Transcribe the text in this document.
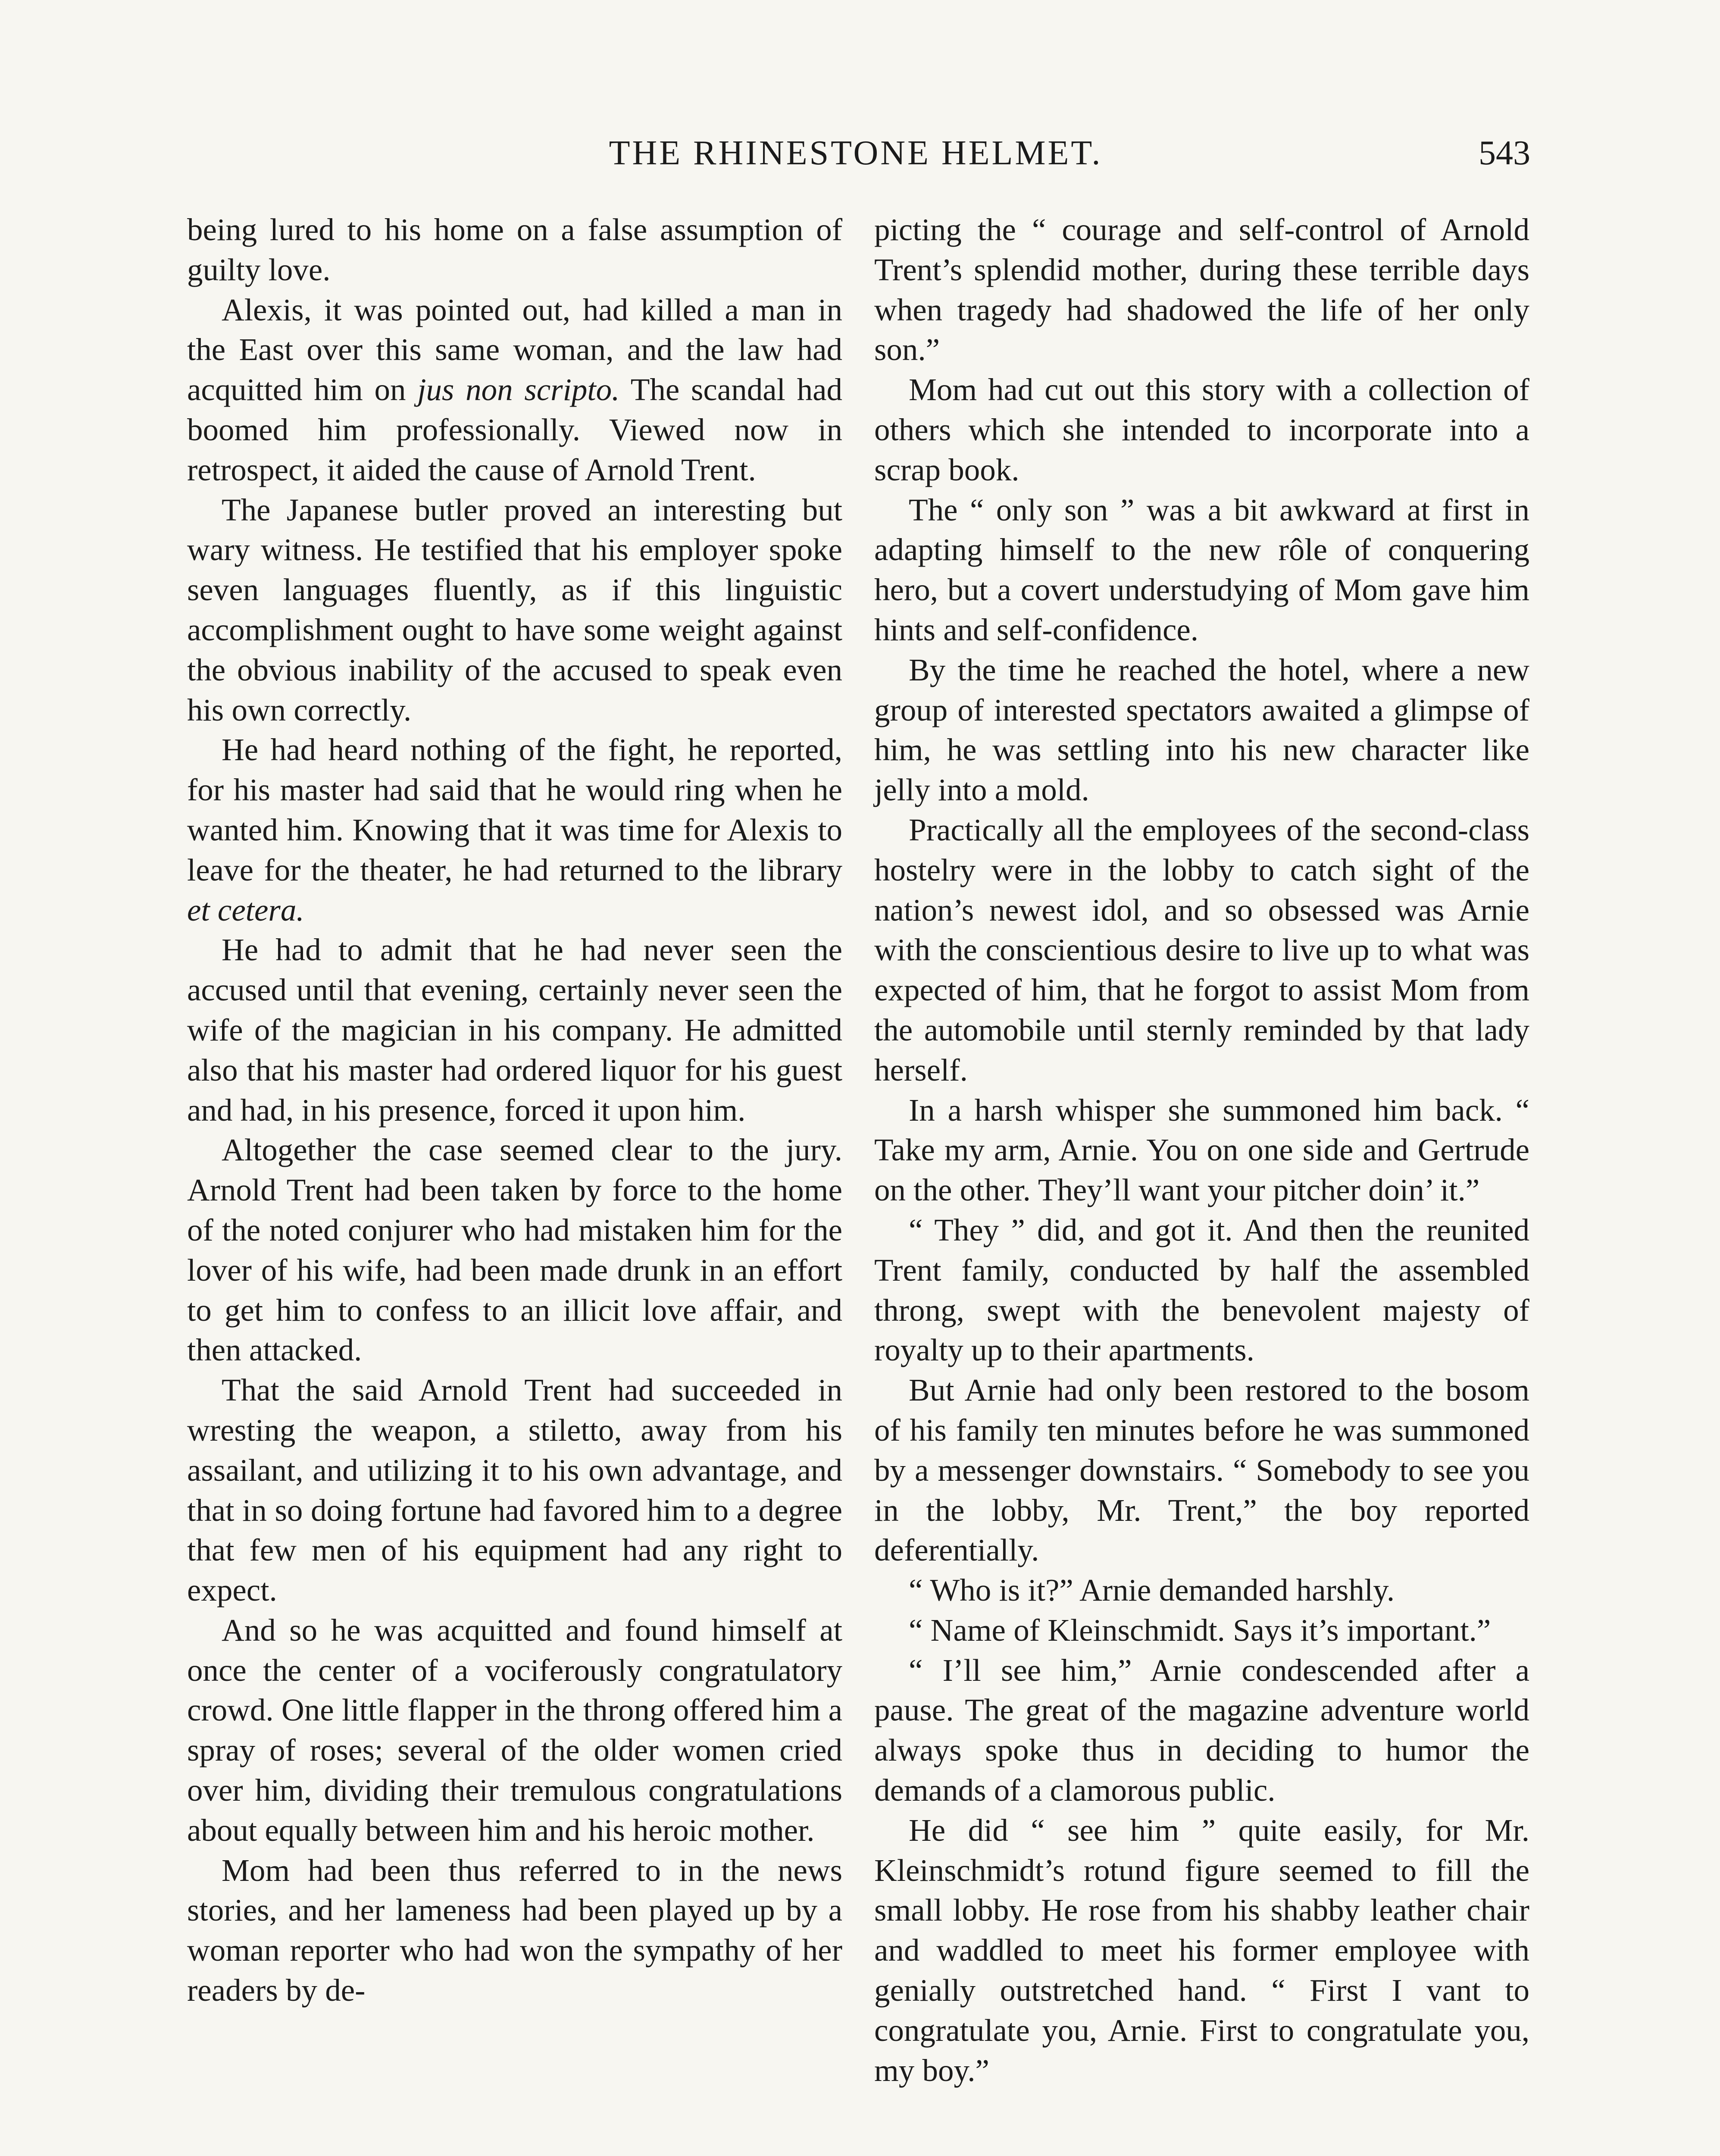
THE RHINESTONE HELMET.	543

being lured to his home on a false assumption of guilty love.

Alexis, it was pointed out, had killed a man in the East over this same woman, and the law had acquitted him on jus non scripto. The scandal had boomed him professionally. Viewed now in retrospect, it aided the cause of Arnold Trent.

The Japanese butler proved an interesting but wary witness. He testified that his employer spoke seven languages fluently, as if this linguistic accomplishment ought to have some weight against the obvious inability of the accused to speak even his own correctly.

He had heard nothing of the fight, he reported, for his master had said that he would ring when he wanted him. Knowing that it was time for Alexis to leave for the theater, he had returned to the library et cetera.

He had to admit that he had never seen the accused until that evening, certainly never seen the wife of the magician in his company. He admitted also that his master had ordered liquor for his guest and had, in his presence, forced it upon him.

Altogether the case seemed clear to the jury. Arnold Trent had been taken by force to the home of the noted conjurer who had mistaken him for the lover of his wife, had been made drunk in an effort to get him to confess to an illicit love affair, and then attacked.

That the said Arnold Trent had succeeded in wresting the weapon, a stiletto, away from his assailant, and utilizing it to his own advantage, and that in so doing fortune had favored him to a degree that few men of his equipment had any right to expect.

And so he was acquitted and found himself at once the center of a vociferously congratulatory crowd. One little flapper in the throng offered him a spray of roses; several of the older women cried over him, dividing their tremulous congratulations about equally between him and his heroic mother.

Mom had been thus referred to in the news stories, and her lameness had been played up by a woman reporter who had won the sympathy of her readers by de-

picting the “ courage and self-control of Arnold Trent’s splendid mother, during these terrible days when tragedy had shadowed the life of her only son.”

Mom had cut out this story with a collection of others which she intended to incorporate into a scrap book.

The “ only son ” was a bit awkward at first in adapting himself to the new rôle of conquering hero, but a covert understudying of Mom gave him hints and self-confidence.

By the time he reached the hotel, where a new group of interested spectators awaited a glimpse of him, he was settling into his new character like jelly into a mold.

Practically all the employees of the second-class hostelry were in the lobby to catch sight of the nation’s newest idol, and so obsessed was Arnie with the conscientious desire to live up to what was expected of him, that he forgot to assist Mom from the automobile until sternly reminded by that lady herself.

In a harsh whisper she summoned him back. “ Take my arm, Arnie. You on one side and Gertrude on the other. They’ll want your pitcher doin’ it.”

“ They ” did, and got it. And then the reunited Trent family, conducted by half the assembled throng, swept with the benevolent majesty of royalty up to their apartments.

But Arnie had only been restored to the bosom of his family ten minutes before he was summoned by a messenger downstairs. “ Somebody to see you in the lobby, Mr. Trent,” the boy reported deferentially.

“ Who is it?” Arnie demanded harshly.

“ Name of Kleinschmidt. Says it’s important.”

“ I’ll see him,” Arnie condescended after a pause. The great of the magazine adventure world always spoke thus in deciding to humor the demands of a clamorous public.

He did “ see him ” quite easily, for Mr. Kleinschmidt’s rotund figure seemed to fill the small lobby. He rose from his shabby leather chair and waddled to meet his former employee with genially outstretched hand. “ First I vant to congratulate you, Arnie. First to congratulate you, my boy.”
